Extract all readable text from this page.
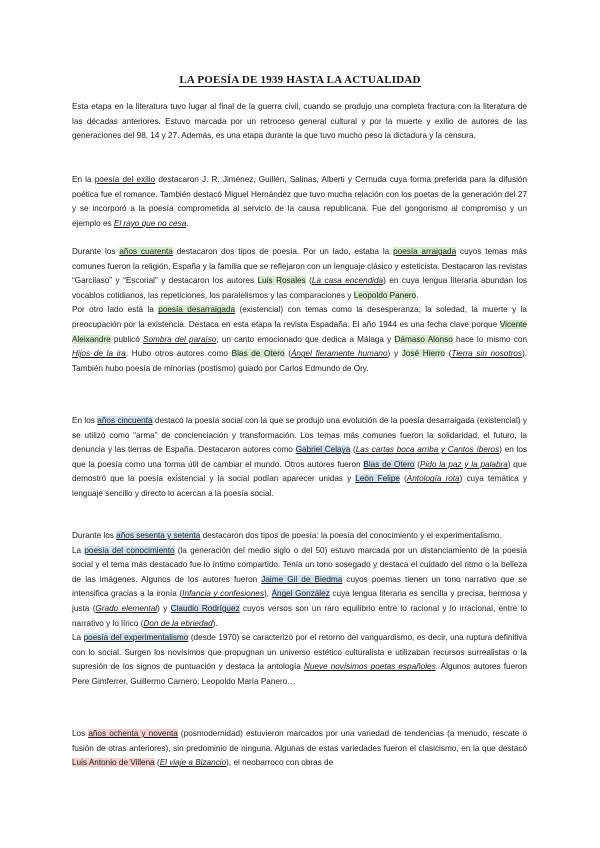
LA POESÍA DE 1939 HASTA LA ACTUALIDAD
Esta etapa en la literatura tuvo lugar al final de la guerra civil, cuando se produjo una completa fractura con la literatura de las décadas anteriores. Estuvo marcada por un retroceso general cultural y por la muerte y exilio de autores de las generaciones del 98, 14 y 27. Además, es una etapa durante la que tuvo mucho peso la dictadura y la censura.
En la poesía del exilio destacaron J. R. Jiménez, Guillén, Salinas, Alberti y Cernuda cuya forma preferida para la difusión poética fue el romance. También destacó Miguel Hernández que tuvo mucha relación con los poetas de la generación del 27 y se incorporó a la poesía comprometida al servicio de la causa republicana. Fue del gongorismo al compromiso y un ejemplo es El rayo que no cesa.
Durante los años cuarenta destacaron dos tipos de poesía. Por un lado, estaba la poesía arraigada cuyos temas más comunes fueron la religión, España y la familia que se reflejaron con un lenguaje clásico y esteticista. Destacaron las revistas “Garcilaso” y “Escorial” y destacaron los autores Luis Rosales (La casa encendida) en cuya lengua literaria abundan los vocablos cotidianos, las repeticiones, los paralelismos y las comparaciones y Leopoldo Panero.
Por otro lado está la poesía desarraigada (existencial) con temas como la desesperanza, la soledad, la muerte y la preocupación por la existencia. Destaca en esta etapa la revista Espadaña. El año 1944 es una fecha clave porque Vicente Aleixandre publicó Sombra del paraíso, un canto emocionado que dedica a Málaga y Dámaso Alonso hace lo mismo con Hijos de la ira. Hubo otros autores como Blas de Otero (Ángel fieramente humano) y José Hierro (Tierra sin nosotros). También hubo poesía de minorías (postismo) guiado por Carlos Edmundo de Ory.
En los años cincuenta destacó la poesía social con la que se produjo una evolución de la poesía desarraigada (existencial) y se utilizó como “arma” de concienciación y transformación. Los temas más comunes fueron la solidaridad, el futuro, la denuncia y las tierras de España. Destacaron autores como Gabriel Celaya (Las cartas boca arriba y Cantos íberos) en los que la poesía como una forma útil de cambiar el mundo. Otros autores fueron Blas de Otero (Pido la paz y la palabra) que demostró que la poesía existencial y la social podían aparecer unidas y León Felipe (Antología rota) cuya temática y lenguaje sencillo y directo lo acercan a la poesía social.
Durante los años sesenta y setenta destacaron dos tipos de poesía: la poesía del conocimiento y el experimentalismo.
La poesía del conocimiento (la generación del medio siglo o del 50) estuvo marcada por un distanciamiento de la poesía social y el tema más destacado fue lo íntimo compartido. Tenía un tono sosegado y destaca el cuidado del ritmo o la belleza de las imágenes. Algunos de los autores fueron Jaime Gil de Biedma cuyos poemas tienen un tono narrativo que se intensifica gracias a la ironía (Infancia y confesiones), Ángel González cuya lengua literaria es sencilla y precisa, hermosa y justa (Grado elemental) y Claudio Rodríguez cuyos versos son un raro equilibrio entre lo racional y lo irracional, entre lo narrativo y lo lírico (Don de la ebriedad).
La poesía del experimentalismo (desde 1970) se caracterizó por el retorno del vanguardismo, es decir, una ruptura definitiva con lo social. Surgen los novísimos que propugnan un universo estético culturalista e utilizaban recursos surrealistas o la supresión de los signos de puntuación y destaca la antología Nueve novísimos poetas españoles. Algunos autores fueron Pere Gimferrer, Guillermo Carnero, Leopoldo María Panero…
Los años ochenta y noventa (posmodernidad) estuvieron marcados por una variedad de tendencias (a menudo, rescate o fusión de otras anteriores), sin predominio de ninguna. Algunas de estas variedades fueron el clasicismo, en la que destacó Luis Antonio de Villena (El viaje a Bizancio), el neobarroco con obras de
